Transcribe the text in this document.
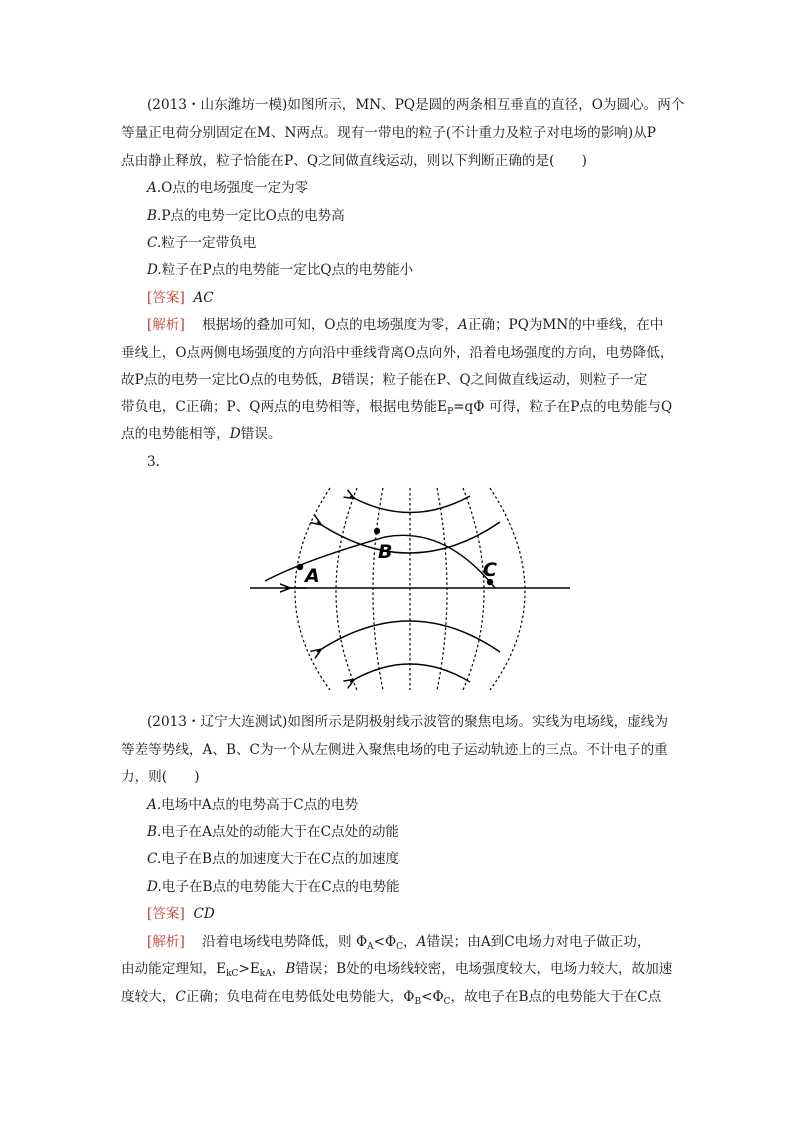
(2013・山东潍坊一模)如图所示，MN、PQ是圆的两条相互垂直的直径，O为圆心。两个
等量正电荷分别固定在M、N两点。现有一带电的粒子(不计重力及粒子对电场的影响)从P
点由静止释放，粒子恰能在P、Q之间做直线运动，则以下判断正确的是(　　)
A.O点的电场强度一定为零
B.P点的电势一定比O点的电势高
C.粒子一定带负电
D.粒子在P点的电势能一定比Q点的电势能小
[答案] AC
[解析] 根据场的叠加可知，O点的电场强度为零，A正确；PQ为MN的中垂线，在中
垂线上，O点两侧电场强度的方向沿中垂线背离O点向外，沿着电场强度的方向，电势降低，
故P点的电势一定比O点的电势低，B错误；粒子能在P、Q之间做直线运动，则粒子一定
带负电，C正确；P、Q两点的电势相等，根据电势能$E_P=q\Phi$ 可得，粒子在P点的电势能与Q
点的电势能相等，D错误。
3.
A
B
C
(2013・辽宁大连测试)如图所示是阴极射线示波管的聚焦电场。实线为电场线，虚线为
等差等势线，A、B、C为一个从左侧进入聚焦电场的电子运动轨迹上的三点。不计电子的重
力，则(　　)
A.电场中A点的电势高于C点的电势
B.电子在A点处的动能大于在C点处的动能
C.电子在B点的加速度大于在C点的加速度
D.电子在B点的电势能大于在C点的电势能
[答案] CD
[解析] 沿着电场线电势降低，则 $\Phi_A<\Phi_C$，A错误；由A到C电场力对电子做正功，
由动能定理知，$E_{kC}>E_{kA}$，B错误；B处的电场线较密，电场强度较大，电场力较大，故加速
度较大，C正确；负电荷在电势低处电势能大，$\Phi_B<\Phi_C$，故电子在B点的电势能大于在C点
